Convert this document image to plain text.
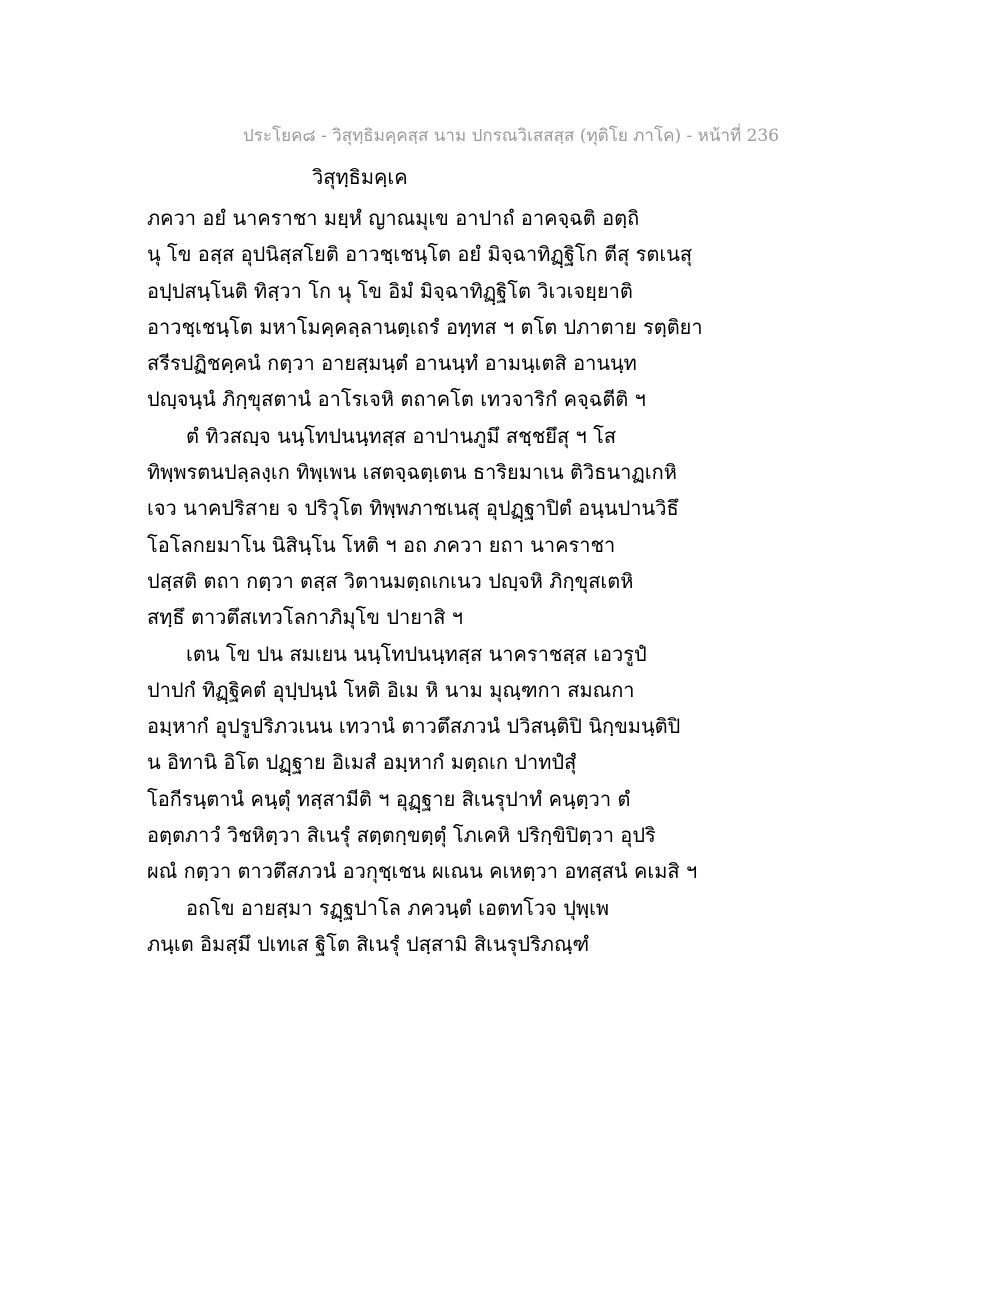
ประโยค๘ - วิสุทฺธิมคฺคสฺส นาม ปกรณวิเสสสฺส (ทุติโย ภาโค) - หน้าที่ 236
วิสุทฺธิมคฺเค
ภควา อยํ นาคราชา มยฺหํ ญาณมุเข อาปาถํ อาคจฺฉติ อตฺถิ
นุ โข อสฺส อุปนิสฺสโยติ อาวชฺเชนฺโต อยํ มิจฺฉาทิฏฺฐิโก ตีสุ รตเนสุ
อปฺปสนฺโนติ ทิสฺวา โก นุ โข อิมํ มิจฺฉาทิฏฺฐิโต วิเวเจยฺยาติ
อาวชฺเชนฺโต มหาโมคฺคลฺลานตฺเถรํ อทฺทส ฯ ตโต ปภาตาย รตฺติยา
สรีรปฏิชคฺคนํ กตฺวา อายสฺมนฺตํ อานนฺทํ อามนฺเตสิ อานนฺท
ปญฺจนฺนํ ภิกฺขุสตานํ อาโรเจหิ ตถาคโต เทวจาริกํ คจฺฉตีติ ฯ
ตํ ทิวสญฺจ นนฺโทปนนฺทสฺส อาปานภูมึ สชฺชยึสุ ฯ โส
ทิพฺพรตนปลฺลงฺเก ทิพฺเพน เสตจฺฉตฺเตน ธาริยมาเน ติวิธนาฏเกหิ
เจว นาคปริสาย จ ปริวุโต ทิพฺพภาชเนสุ อุปฏฺฐาปิตํ อนฺนปานวิธึ
โอโลกยมาโน นิสินฺโน โหติ ฯ อถ ภควา ยถา นาคราชา
ปสฺสติ ตถา กตฺวา ตสฺส วิตานมตฺถเกเนว ปญฺจหิ ภิกฺขุสเตหิ
สทฺธึ ตาวตึสเทวโลกาภิมุโข ปายาสิ ฯ
เตน โข ปน สมเยน นนฺโทปนนฺทสฺส นาคราชสฺส เอวรูปํ
ปาปกํ ทิฏฺฐิคตํ อุปฺปนฺนํ โหติ อิเม หิ นาม มุณฺฑกา สมณกา
อมฺหากํ อุปรูปริภวเนน เทวานํ ตาวตึสภวนํ ปวิสนฺติปิ นิกฺขมนฺติปิ
น อิทานิ อิโต ปฏฺฐาย อิเมสํ อมฺหากํ มตฺถเก ปาทปํสุํ
โอกีรนฺตานํ คนฺตุํ ทสฺสามีติ ฯ อุฏฺฐาย สิเนรุปาทํ คนฺตฺวา ตํ
อตฺตภาวํ วิชหิตฺวา สิเนรุํ สตฺตกฺขตฺตุํ โภเคหิ ปริกฺขิปิตฺวา อุปริ
ผณํ กตฺวา ตาวตึสภวนํ อวกุชฺเชน ผเณน คเหตฺวา อทสฺสนํ คเมสิ ฯ
อถโข อายสฺมา รฏฺฐปาโล ภควนฺตํ เอตทโวจ ปุพฺเพ
ภนฺเต อิมสฺมึ ปเทเส ฐิโต สิเนรุํ ปสฺสามิ สิเนรุปริภณฺฑํ
